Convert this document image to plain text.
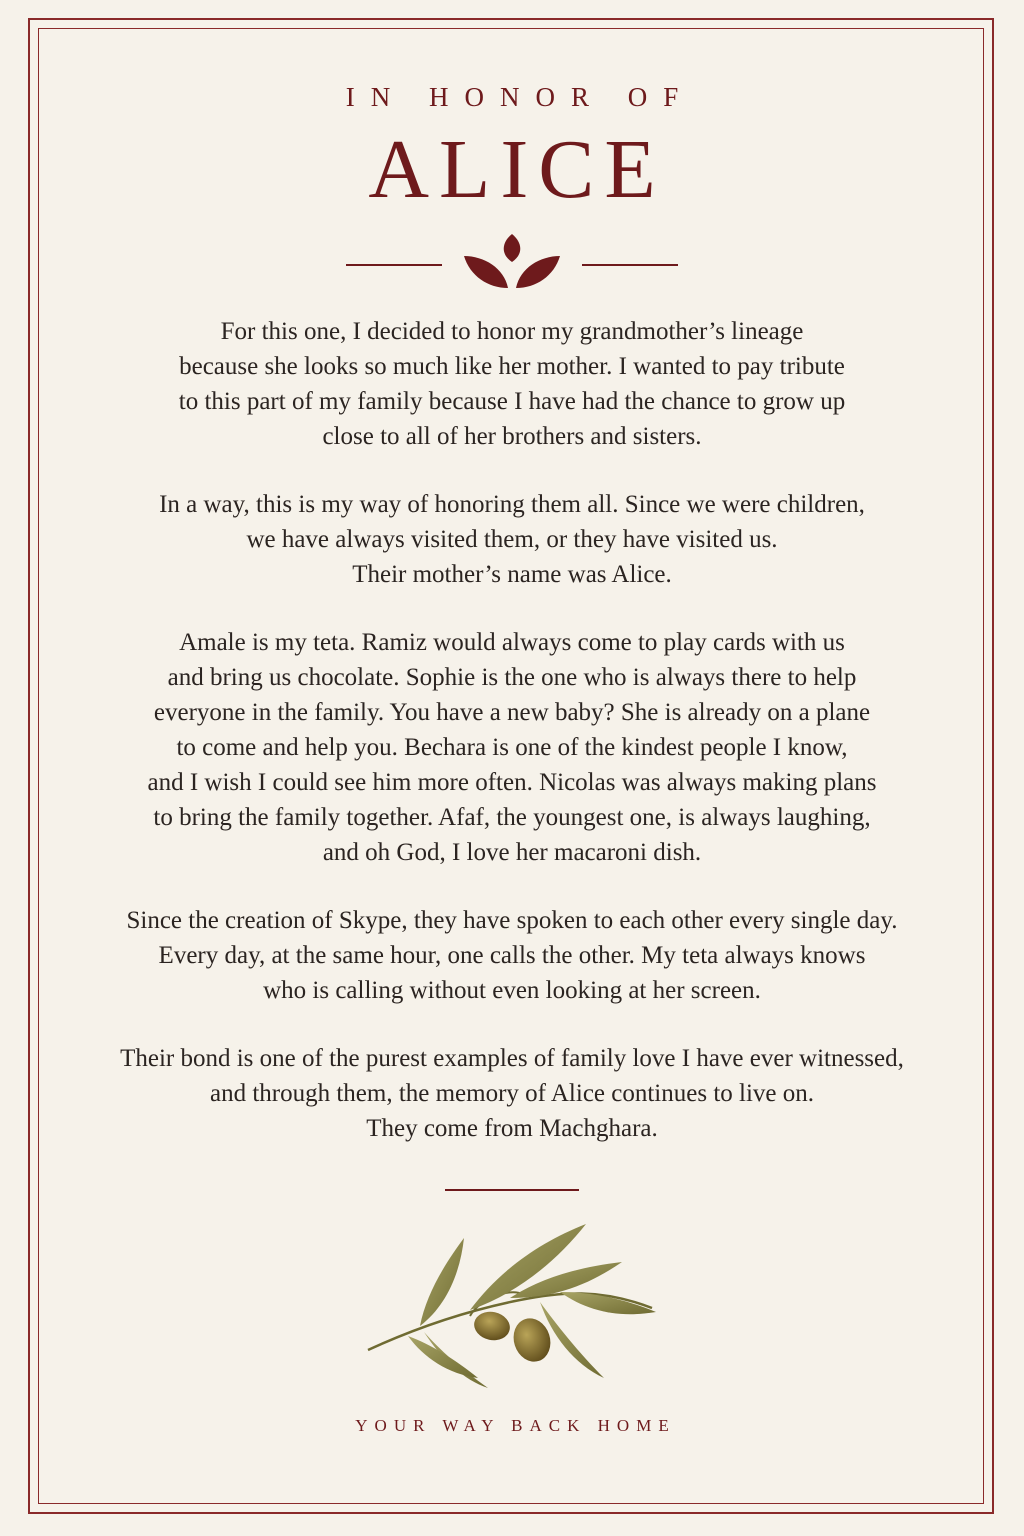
IN HONOR OF
ALICE

For this one, I decided to honor my grandmother’s lineage
because she looks so much like her mother. I wanted to pay tribute
to this part of my family because I have had the chance to grow up
close to all of her brothers and sisters.

In a way, this is my way of honoring them all. Since we were children,
we have always visited them, or they have visited us.
Their mother’s name was Alice.

Amale is my teta. Ramiz would always come to play cards with us
and bring us chocolate. Sophie is the one who is always there to help
everyone in the family. You have a new baby? She is already on a plane
to come and help you. Bechara is one of the kindest people I know,
and I wish I could see him more often. Nicolas was always making plans
to bring the family together. Afaf, the youngest one, is always laughing,
and oh God, I love her macaroni dish.

Since the creation of Skype, they have spoken to each other every single day.
Every day, at the same hour, one calls the other. My teta always knows
who is calling without even looking at her screen.

Their bond is one of the purest examples of family love I have ever witnessed,
and through them, the memory of Alice continues to live on.
They come from Machghara.

YOUR WAY BACK HOME
